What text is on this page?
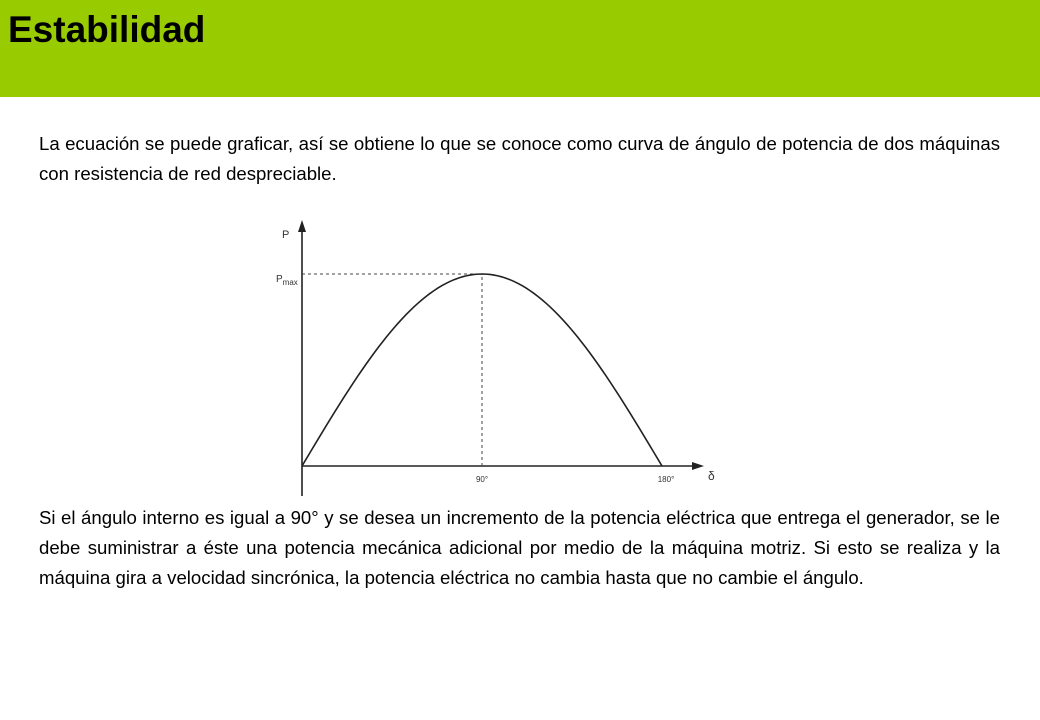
Estabilidad

La ecuación se puede graficar, así se obtiene lo que se conoce como curva de ángulo de potencia de dos máquinas con resistencia de red despreciable.

P
δ
$P_{max}$
90°	180°

Si el ángulo interno es igual a 90° y se desea un incremento de la potencia eléctrica que entrega el generador, se le debe suministrar a éste una potencia mecánica adicional por medio de la máquina motriz. Si esto se realiza y la máquina gira a velocidad sincrónica, la potencia eléctrica no cambia hasta que no cambie el ángulo.
